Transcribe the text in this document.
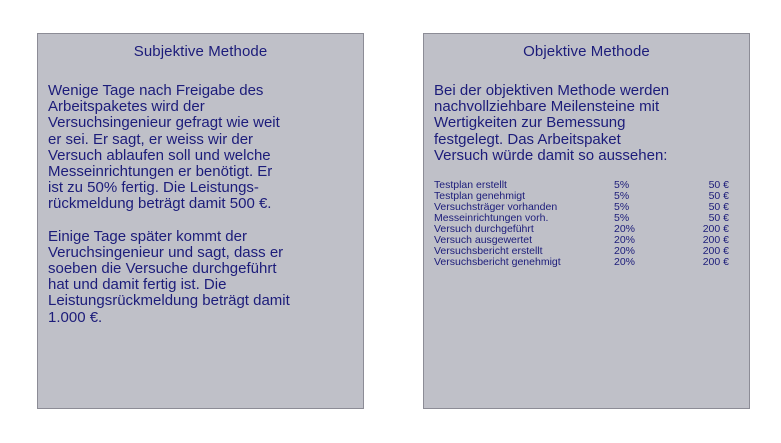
Subjektive Methode

Wenige Tage nach Freigabe des
Arbeitspaketes wird der
Versuchsingenieur gefragt wie weit
er sei. Er sagt, er weiss wir der
Versuch ablaufen soll und welche
Messeinrichtungen er benötigt. Er
ist zu 50% fertig. Die Leistungs-
rückmeldung beträgt damit 500 €.

Einige Tage später kommt der
Veruchsingenieur und sagt, dass er
soeben die Versuche durchgeführt
hat und damit fertig ist. Die
Leistungsrückmeldung beträgt damit
1.000 €.

Objektive Methode

Bei der objektiven Methode werden
nachvollziehbare Meilensteine mit
Wertigkeiten zur Bemessung
festgelegt. Das Arbeitspaket
Versuch würde damit so aussehen:

Testplan erstellt	5%	50 €
Testplan genehmigt	5%	50 €
Versuchsträger vorhanden	5%	50 €
Messeinrichtungen vorh.	5%	50 €
Versuch durchgeführt	20%	200 €
Versuch ausgewertet	20%	200 €
Versuchsbericht erstellt	20%	200 €
Versuchsbericht genehmigt	20%	200 €
